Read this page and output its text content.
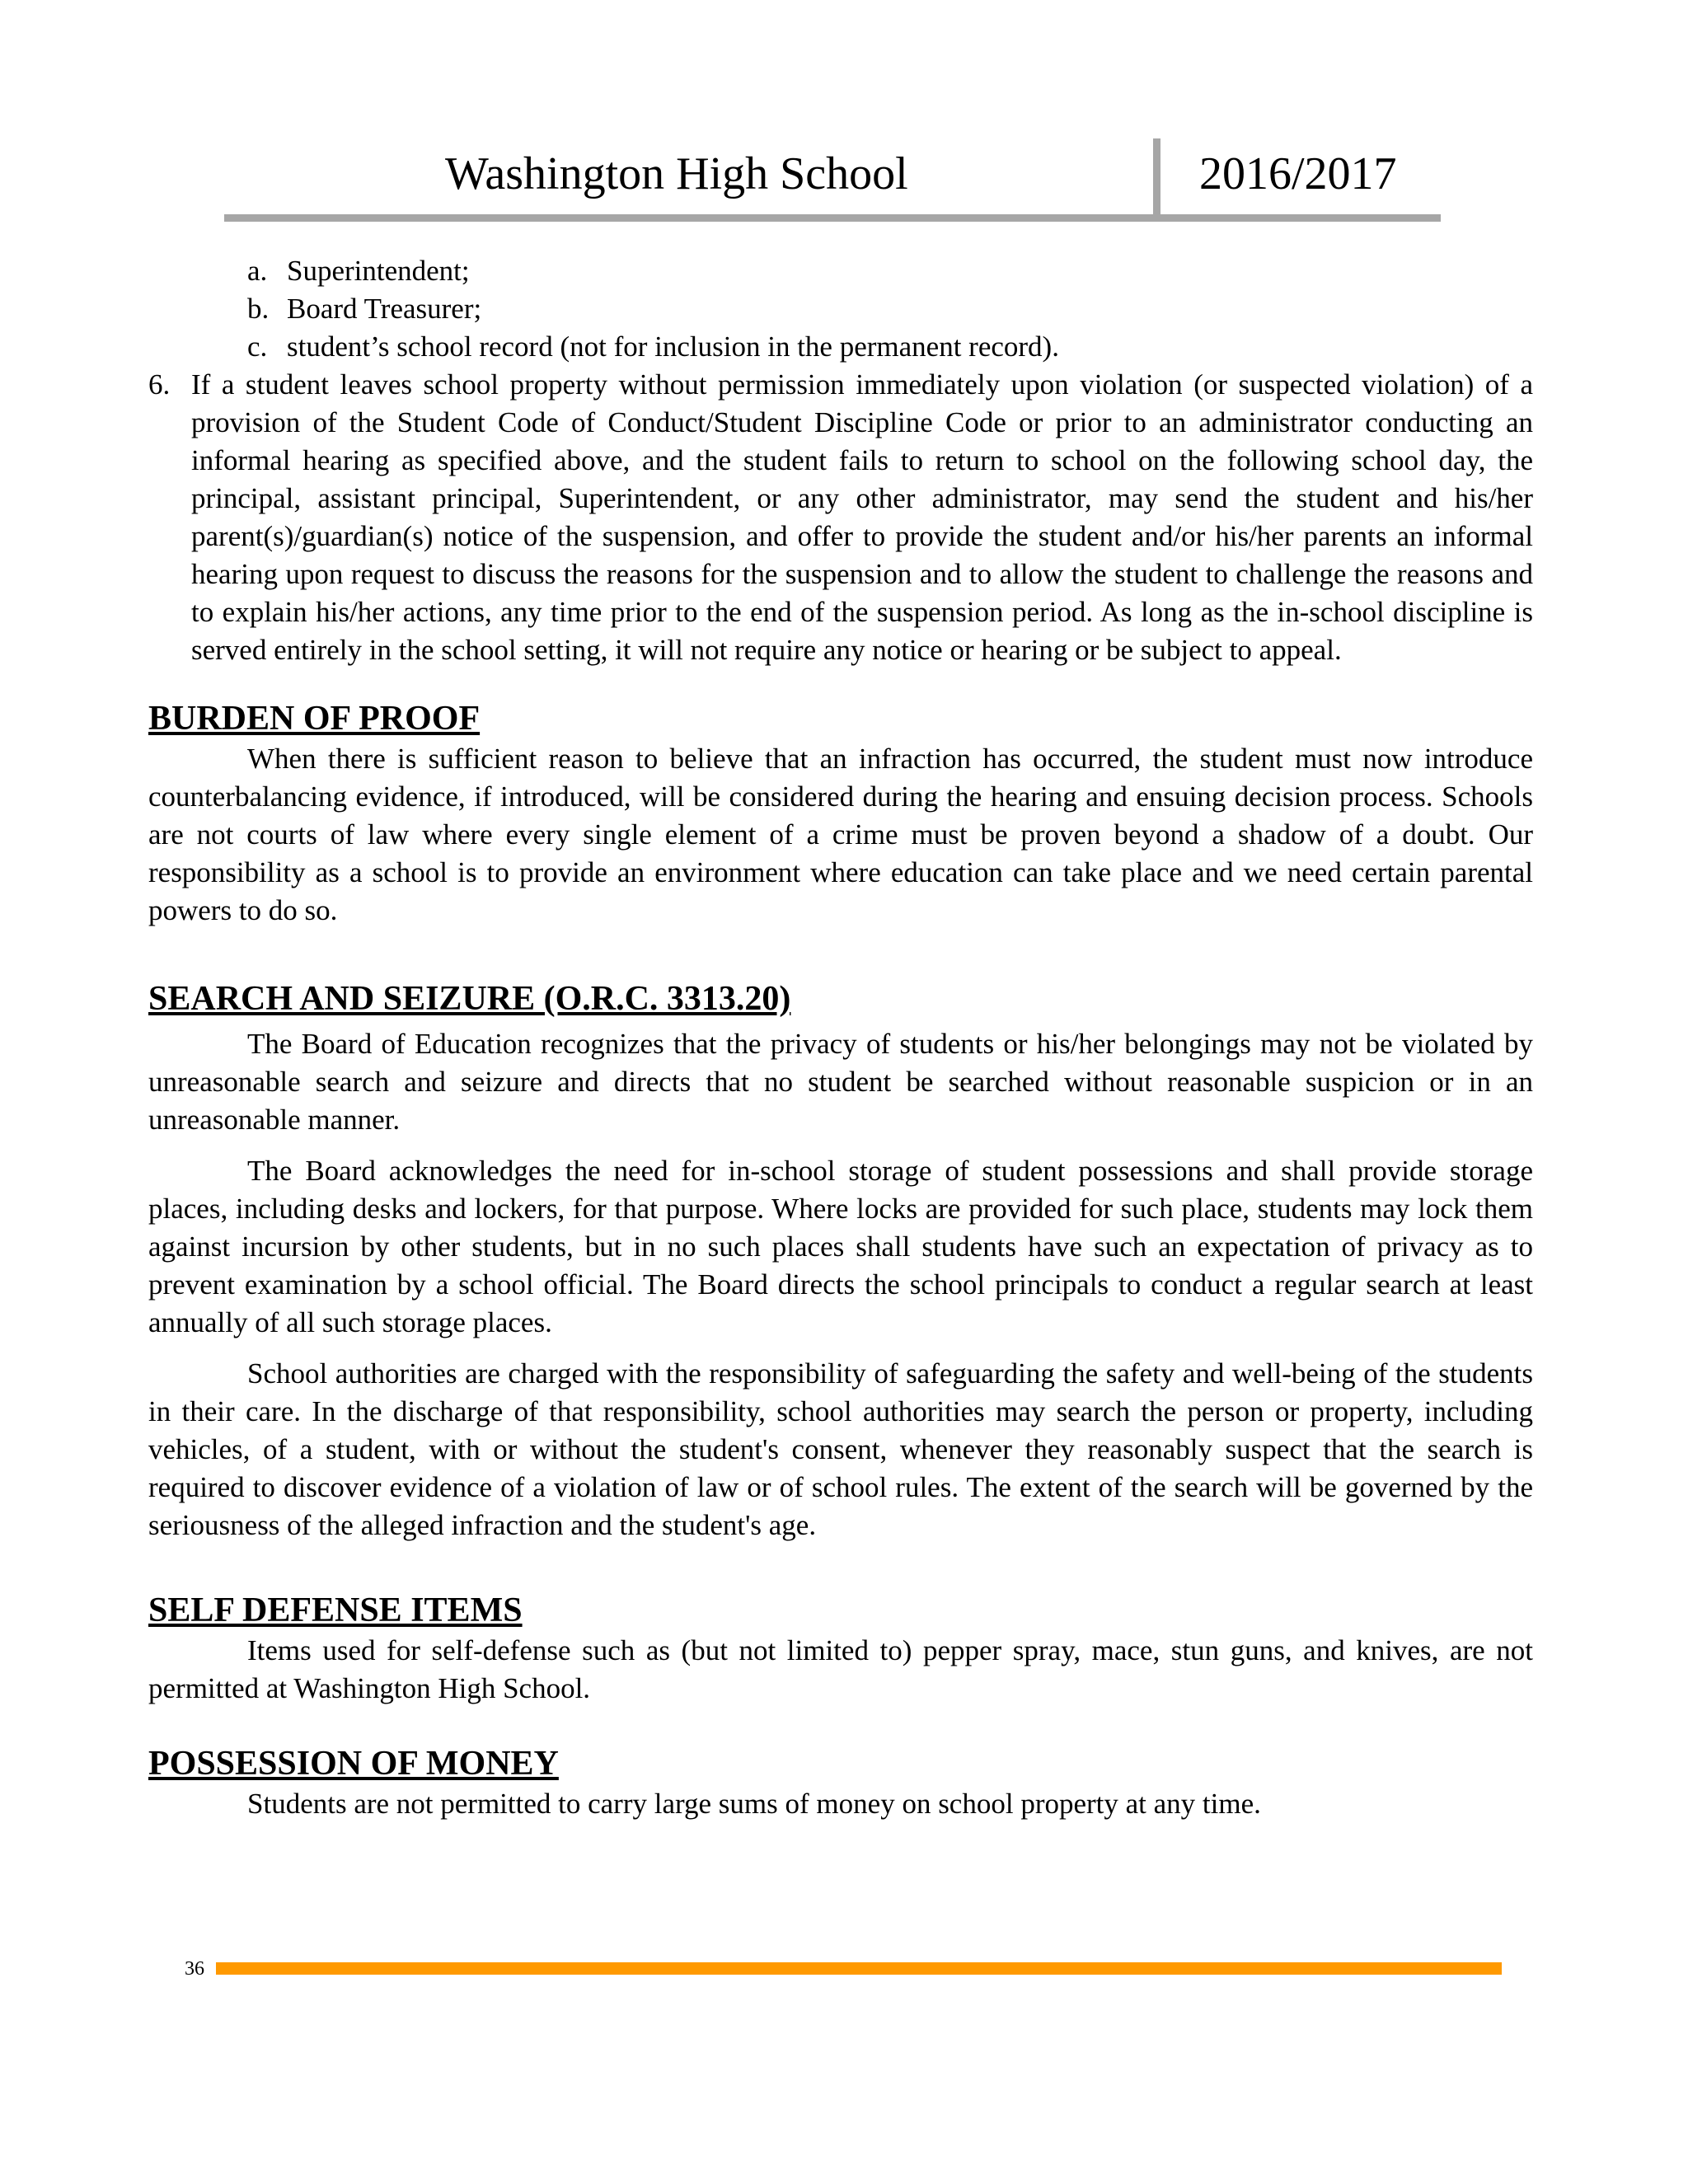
Washington High School	2016/2017
a. Superintendent;
b. Board Treasurer;
c. student’s school record (not for inclusion in the permanent record).
6. If a student leaves school property without permission immediately upon violation (or suspected violation) of a provision of the Student Code of Conduct/Student Discipline Code or prior to an administrator conducting an informal hearing as specified above, and the student fails to return to school on the following school day, the principal, assistant principal, Superintendent, or any other administrator, may send the student and his/her parent(s)/guardian(s) notice of the suspension, and offer to provide the student and/or his/her parents an informal hearing upon request to discuss the reasons for the suspension and to allow the student to challenge the reasons and to explain his/her actions, any time prior to the end of the suspension period. As long as the in-school discipline is served entirely in the school setting, it will not require any notice or hearing or be subject to appeal.
BURDEN OF PROOF

When there is sufficient reason to believe that an infraction has occurred, the student must now introduce counterbalancing evidence, if introduced, will be considered during the hearing and ensuing decision process. Schools are not courts of law where every single element of a crime must be proven beyond a shadow of a doubt. Our responsibility as a school is to provide an environment where education can take place and we need certain parental powers to do so.

SEARCH AND SEIZURE (O.R.C. 3313.20)

The Board of Education recognizes that the privacy of students or his/her belongings may not be violated by unreasonable search and seizure and directs that no student be searched without reasonable suspicion or in an unreasonable manner.

The Board acknowledges the need for in-school storage of student possessions and shall provide storage places, including desks and lockers, for that purpose. Where locks are provided for such place, students may lock them against incursion by other students, but in no such places shall students have such an expectation of privacy as to prevent examination by a school official. The Board directs the school principals to conduct a regular search at least annually of all such storage places.

School authorities are charged with the responsibility of safeguarding the safety and well-being of the students in their care. In the discharge of that responsibility, school authorities may search the person or property, including vehicles, of a student, with or without the student's consent, whenever they reasonably suspect that the search is required to discover evidence of a violation of law or of school rules. The extent of the search will be governed by the seriousness of the alleged infraction and the student's age.

SELF DEFENSE ITEMS

Items used for self-defense such as (but not limited to) pepper spray, mace, stun guns, and knives, are not permitted at Washington High School.

POSSESSION OF MONEY

Students are not permitted to carry large sums of money on school property at any time.

36
